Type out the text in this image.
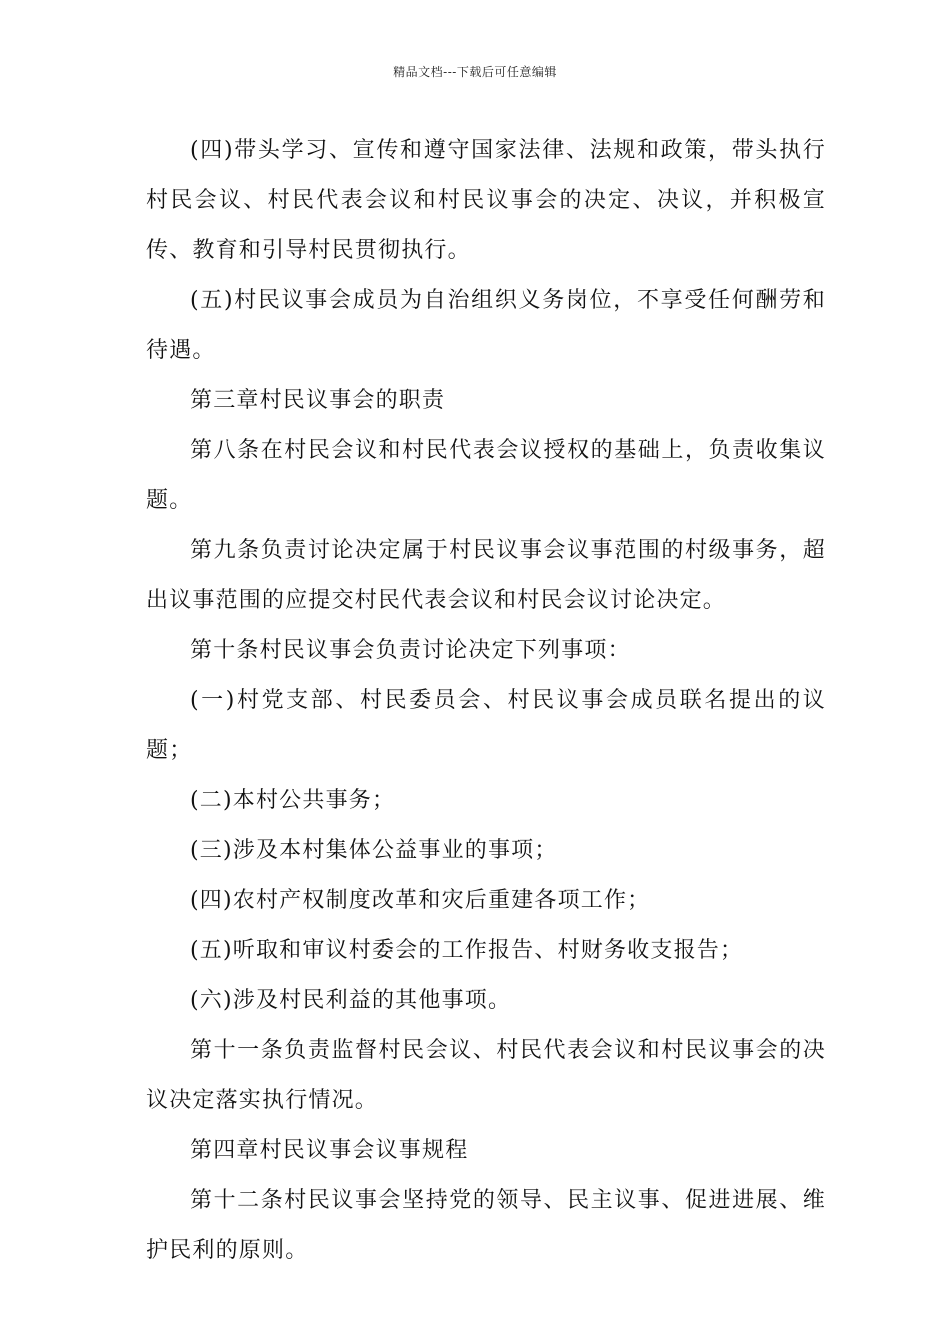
精品文档---下载后可任意编辑

(四)带头学习、宣传和遵守国家法律、法规和政策，带头执行村民会议、村民代表会议和村民议事会的决定、决议，并积极宣传、教育和引导村民贯彻执行。

(五)村民议事会成员为自治组织义务岗位，不享受任何酬劳和待遇。

第三章村民议事会的职责

第八条在村民会议和村民代表会议授权的基础上，负责收集议题。

第九条负责讨论决定属于村民议事会议事范围的村级事务，超出议事范围的应提交村民代表会议和村民会议讨论决定。

第十条村民议事会负责讨论决定下列事项：

(一)村党支部、村民委员会、村民议事会成员联名提出的议题；

(二)本村公共事务；

(三)涉及本村集体公益事业的事项；

(四)农村产权制度改革和灾后重建各项工作；

(五)听取和审议村委会的工作报告、村财务收支报告；

(六)涉及村民利益的其他事项。

第十一条负责监督村民会议、村民代表会议和村民议事会的决议决定落实执行情况。

第四章村民议事会议事规程

第十二条村民议事会坚持党的领导、民主议事、促进进展、维护民利的原则。
